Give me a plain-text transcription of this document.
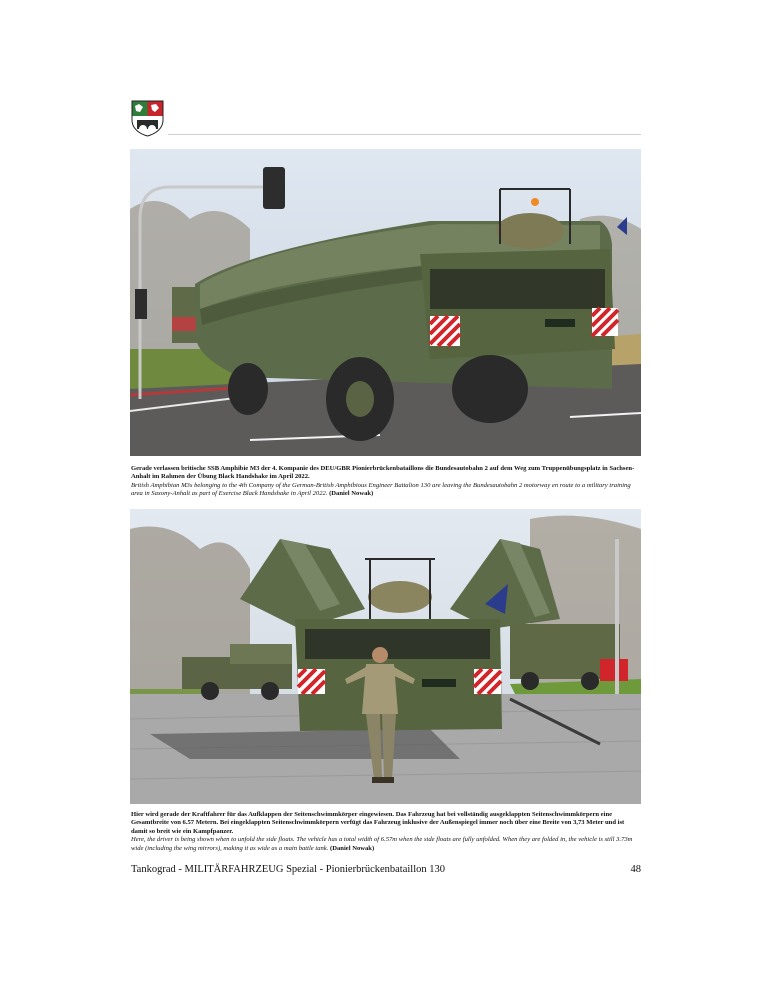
Gerade verlassen britische SSB Amphibie M3 der 4. Kompanie des DEU/GBR Pionierbrückenbataillons die Bundesautobahn 2 auf dem Weg zum Truppenübungsplatz in Sachsen-Anhalt im Rahmen der Übung Black Handshake im April 2022.
British Amphibian M3s belonging to the 4th Company of the German-British Amphibious Engineer Battalion 130 are leaving the Bundesautobahn 2 motorway en route to a military training area in Saxony-Anhalt as part of Exercise Black Handshake in April 2022. (Daniel Nowak)
Hier wird gerade der Kraftfahrer für das Aufklappen der Seitenschwimmkörper eingewiesen. Das Fahrzeug hat bei vollständig ausgeklappten Seitenschwimmkörpern eine Gesamtbreite von 6.57 Metern. Bei eingeklappten Seitenschwimmkörpern verfügt das Fahrzeug inklusive der Außenspiegel immer noch über eine Breite von 3,73 Meter und ist damit so breit wie ein Kampfpanzer.
Here, the driver is being shown when to unfold the side floats. The vehicle has a total width of 6.57m when the side floats are fully unfolded. When they are folded in, the vehicle is still 3.73m wide (including the wing mirrors), making it as wide as a main battle tank. (Daniel Nowak)
Tankograd - MILITÄRFAHRZEUG Spezial - Pionierbrückenbataillon 130	48
